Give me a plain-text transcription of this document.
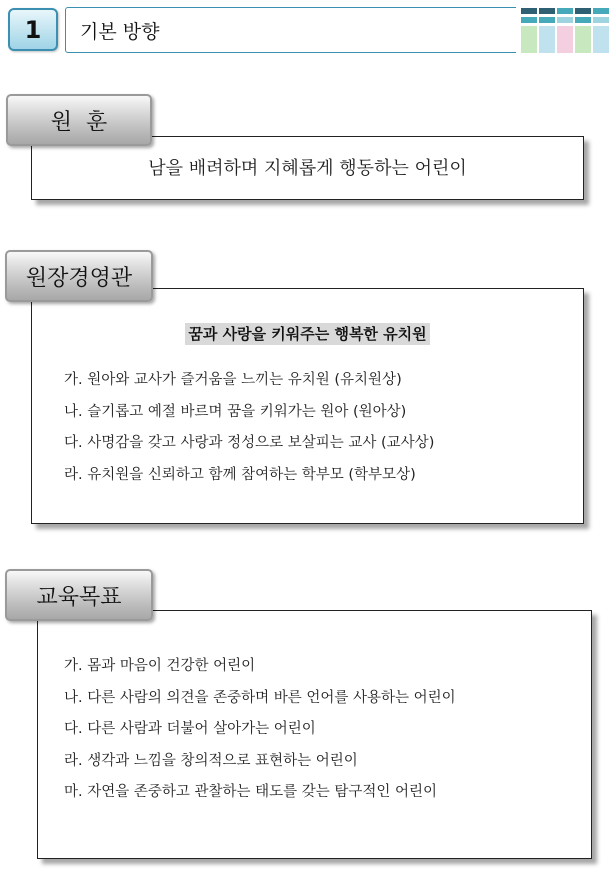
1 기본 방향
남을 배려하며 지혜롭게 행동하는 어린이
원  훈
꿈과 사랑을 키워주는 행복한 유치원
가. 원아와 교사가 즐거움을 느끼는 유치원 (유치원상)
나. 슬기롭고 예절 바르며 꿈을 키워가는 원아 (원아상)
다. 사명감을 갖고 사랑과 정성으로 보살피는 교사 (교사상)
라. 유치원을 신뢰하고 함께 참여하는 학부모 (학부모상)
원장경영관
가. 몸과 마음이 건강한 어린이
나. 다른 사람의 의견을 존중하며 바른 언어를 사용하는 어린이
다. 다른 사람과 더불어 살아가는 어린이
라. 생각과 느낌을 창의적으로 표현하는 어린이
마. 자연을 존중하고 관찰하는 태도를 갖는 탐구적인 어린이
교육목표
